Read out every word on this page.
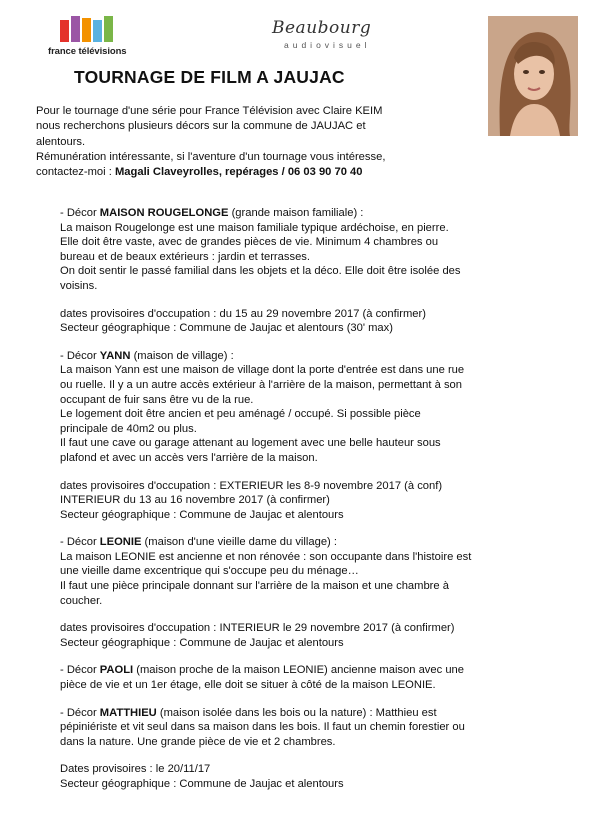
france télévisions
Beaubourg
audiovisuel
TOURNAGE DE FILM A JAUJAC

Pour le tournage d'une série pour France Télévision avec Claire KEIM

nous recherchons plusieurs décors sur la commune de JAUJAC et

alentours.

Rémunération intéressante, si l'aventure d'un tournage vous intéresse,

contactez-moi : Magali Claveyrolles, repérages / 06 03 90 70 40

- Décor MAISON ROUGELONGE (grande maison familiale) :

La maison Rougelonge est une maison familiale typique ardéchoise, en pierre.

Elle doit être vaste, avec de grandes pièces de vie. Minimum 4 chambres ou

bureau et de beaux extérieurs : jardin et terrasses.

On doit sentir le passé familial dans les objets et la déco. Elle doit être isolée des

voisins.

dates provisoires d'occupation : du 15 au 29 novembre 2017 (à confirmer)

Secteur géographique : Commune de Jaujac et alentours (30' max)

- Décor YANN (maison de village) :

La maison Yann est une maison de village dont la porte d'entrée est dans une rue

ou ruelle. Il y a un autre accès extérieur à l'arrière de la maison, permettant à son

occupant de fuir sans être vu de la rue.

Le logement doit être ancien et peu aménagé / occupé. Si possible pièce

principale de 40m2 ou plus.

Il faut une cave ou garage attenant au logement avec une belle hauteur sous

plafond et avec un accès vers l'arrière de la maison.

dates provisoires d'occupation : EXTERIEUR les 8-9 novembre 2017 (à conf)

INTERIEUR du 13 au 16 novembre 2017 (à confirmer)

Secteur géographique : Commune de Jaujac et alentours

- Décor LEONIE (maison d'une vieille dame du village) :

La maison LEONIE est ancienne et non rénovée : son occupante dans l'histoire est

une vieille dame excentrique qui s'occupe peu du ménage…

Il faut une pièce principale donnant sur l'arrière de la maison et une chambre à

coucher.

dates provisoires d'occupation : INTERIEUR le 29 novembre 2017 (à confirmer)

Secteur géographique : Commune de Jaujac et alentours

- Décor PAOLI (maison proche de la maison LEONIE) ancienne maison avec une

pièce de vie et un 1er étage, elle doit se situer à côté de la maison LEONIE.

- Décor MATTHIEU (maison isolée dans les bois ou la nature) : Matthieu est

pépiniériste et vit seul dans sa maison dans les bois. Il faut un chemin forestier ou

dans la nature. Une grande pièce de vie et 2 chambres.

Dates provisoires : le 20/11/17

Secteur géographique : Commune de Jaujac et alentours
